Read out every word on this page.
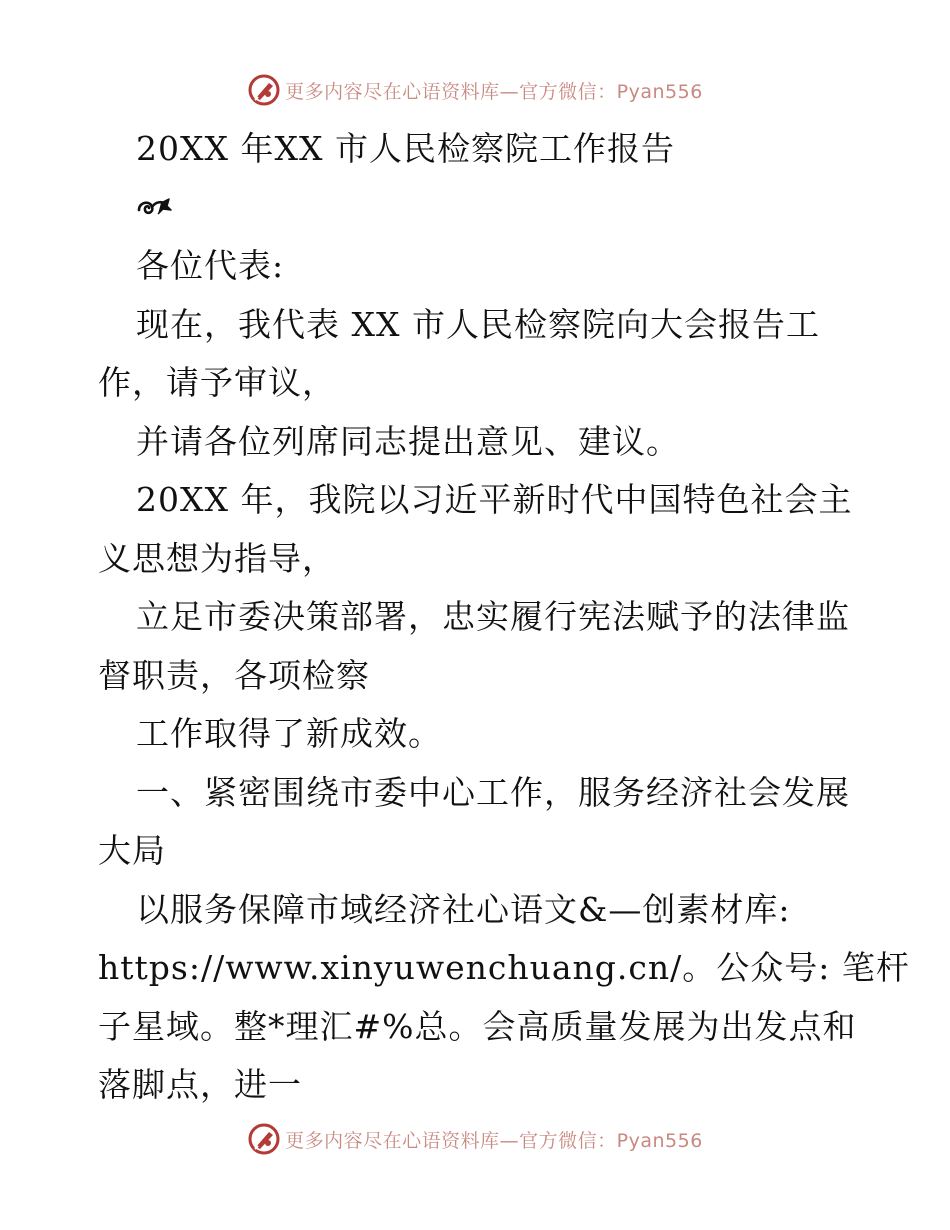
更多内容尽在心语资料库—官方微信：Pyan556
20XX 年XX 市人民检察院工作报告
各位代表:
现在，我代表 XX 市人民检察院向大会报告工
作，请予审议，
并请各位列席同志提出意见、建议。
20XX 年，我院以习近平新时代中国特色社会主
义思想为指导，
立足市委决策部署，忠实履行宪法赋予的法律监
督职责，各项检察
工作取得了新成效。
一、紧密围绕市委中心工作，服务经济社会发展
大局
以服务保障市域经济社心语文&—创素材库:
https://www.xinyuwenchuang.cn/。公众号: 笔杆
子星域。整*理汇#%总。会高质量发展为出发点和
落脚点，进一
更多内容尽在心语资料库—官方微信：Pyan556
